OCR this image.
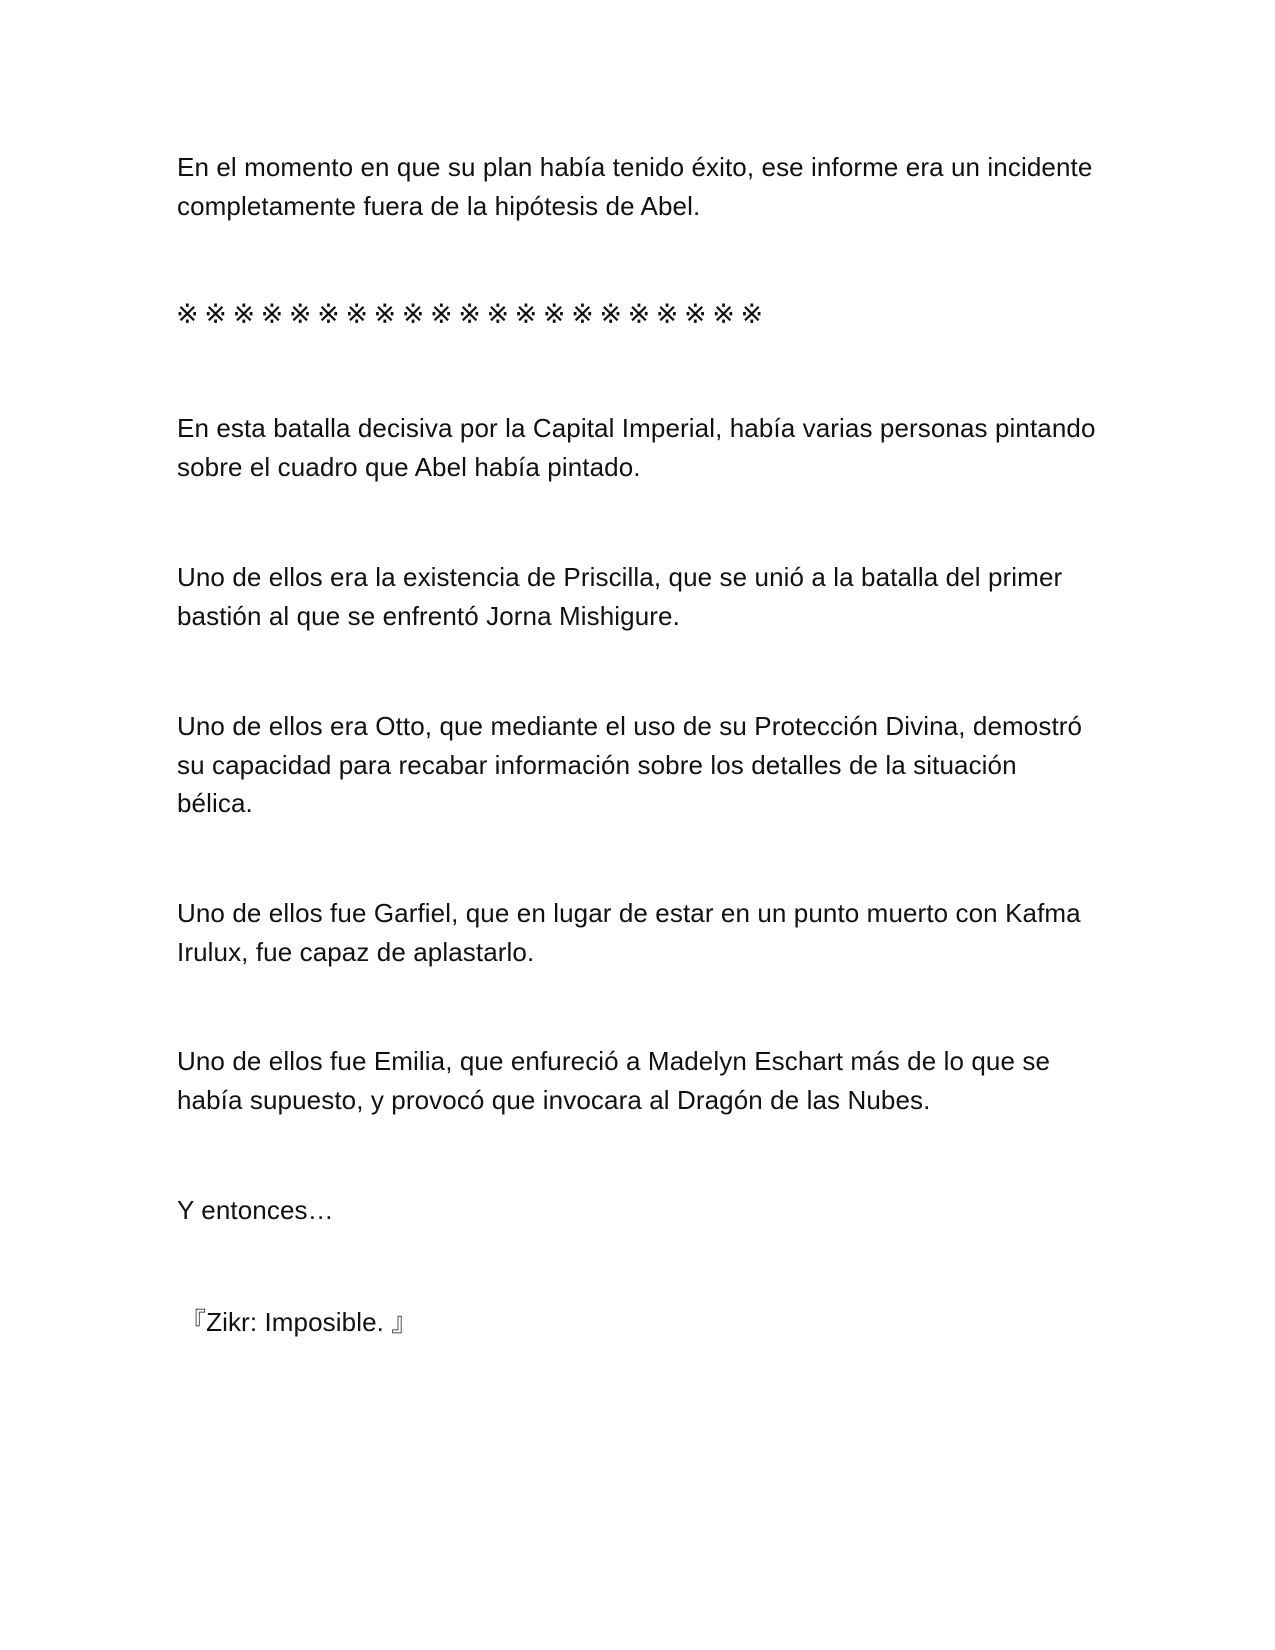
En el momento en que su plan había tenido éxito, ese informe era un incidente completamente fuera de la hipótesis de Abel.

※※※※※※※※※※※※※※※※※※※※※

En esta batalla decisiva por la Capital Imperial, había varias personas pintando sobre el cuadro que Abel había pintado.

Uno de ellos era la existencia de Priscilla, que se unió a la batalla del primer bastión al que se enfrentó Jorna Mishigure.

Uno de ellos era Otto, que mediante el uso de su Protección Divina, demostró su capacidad para recabar información sobre los detalles de la situación bélica.

Uno de ellos fue Garfiel, que en lugar de estar en un punto muerto con Kafma Irulux, fue capaz de aplastarlo.

Uno de ellos fue Emilia, que enfureció a Madelyn Eschart más de lo que se había supuesto, y provocó que invocara al Dragón de las Nubes.

Y entonces…

『Zikr: Imposible. 』
